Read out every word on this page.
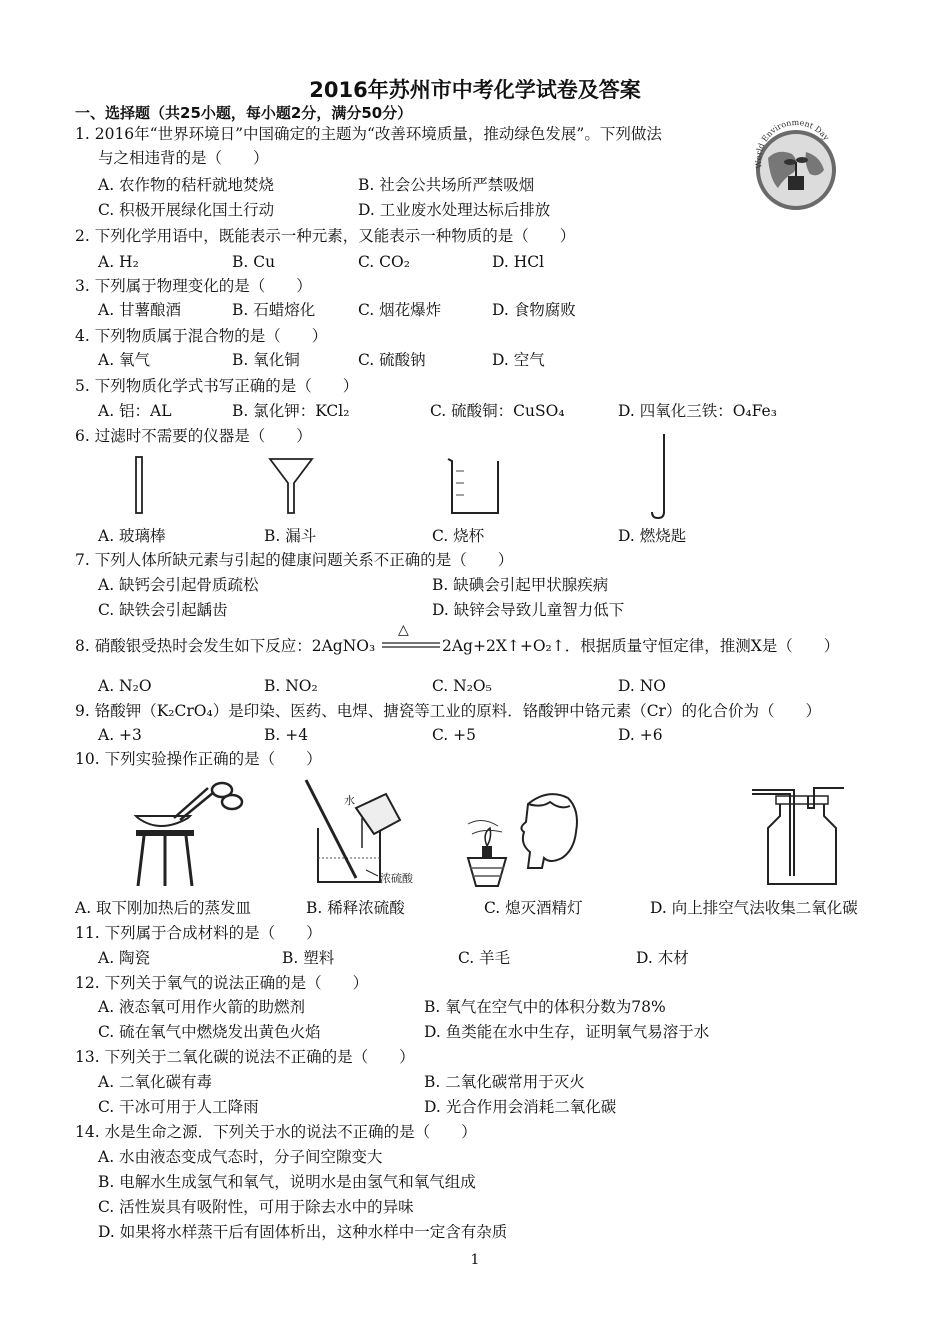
2016年苏州市中考化学试卷及答案
一、选择题（共25小题，每小题2分，满分50分）
World Environment Day
1. 2016年“世界环境日”中国确定的主题为“改善环境质量，推动绿色发展”。下列做法
与之相违背的是（　　）
A. 农作物的秸杆就地焚烧	B. 社会公共场所严禁吸烟
C. 积极开展绿化国土行动	D. 工业废水处理达标后排放
2. 下列化学用语中，既能表示一种元素，又能表示一种物质的是（　　）
A. H₂	B. Cu	C. CO₂	D. HCl
3. 下列属于物理变化的是（　　）
A. 甘薯酿酒	B. 石蜡熔化	C. 烟花爆炸	D. 食物腐败
4. 下列物质属于混合物的是（　　）
A. 氧气	B. 氧化铜	C. 硫酸钠	D. 空气
5. 下列物质化学式书写正确的是（　　）
A. 铝：AL	B. 氯化钾：KCl₂	C. 硫酸铜：CuSO₄	D. 四氧化三铁：O₄Fe₃
6. 过滤时不需要的仪器是（　　）
A. 玻璃棒	B. 漏斗	C. 烧杯	D. 燃烧匙
7. 下列人体所缺元素与引起的健康问题关系不正确的是（　　）
A. 缺钙会引起骨质疏松	B. 缺碘会引起甲状腺疾病
C. 缺铁会引起龋齿	D. 缺锌会导致儿童智力低下
8. 硝酸银受热时会发生如下反应：2AgNO₃
△
2Ag+2X↑+O₂↑．根据质量守恒定律，推测X是（　　）
A. N₂O	B. NO₂	C. N₂O₅	D. NO
9. 铬酸钾（K₂CrO₄）是印染、医药、电焊、搪瓷等工业的原料．铬酸钾中铬元素（Cr）的化合价为（　　）
A. +3	B. +4	C. +5	D. +6
10. 下列实验操作正确的是（　　）
水
浓硫酸
A. 取下刚加热后的蒸发皿	B. 稀释浓硫酸	C. 熄灭酒精灯	D. 向上排空气法收集二氧化碳
11. 下列属于合成材料的是（　　）
A. 陶瓷	B. 塑料	C. 羊毛	D. 木材
12. 下列关于氧气的说法正确的是（　　）
A. 液态氧可用作火箭的助燃剂	B. 氧气在空气中的体积分数为78%
C. 硫在氧气中燃烧发出黄色火焰	D. 鱼类能在水中生存，证明氧气易溶于水
13. 下列关于二氧化碳的说法不正确的是（　　）
A. 二氧化碳有毒	B. 二氧化碳常用于灭火
C. 干冰可用于人工降雨	D. 光合作用会消耗二氧化碳
14. 水是生命之源．下列关于水的说法不正确的是（　　）
A. 水由液态变成气态时，分子间空隙变大
B. 电解水生成氢气和氧气，说明水是由氢气和氧气组成
C. 活性炭具有吸附性，可用于除去水中的异味
D. 如果将水样蒸干后有固体析出，这种水样中一定含有杂质
1
